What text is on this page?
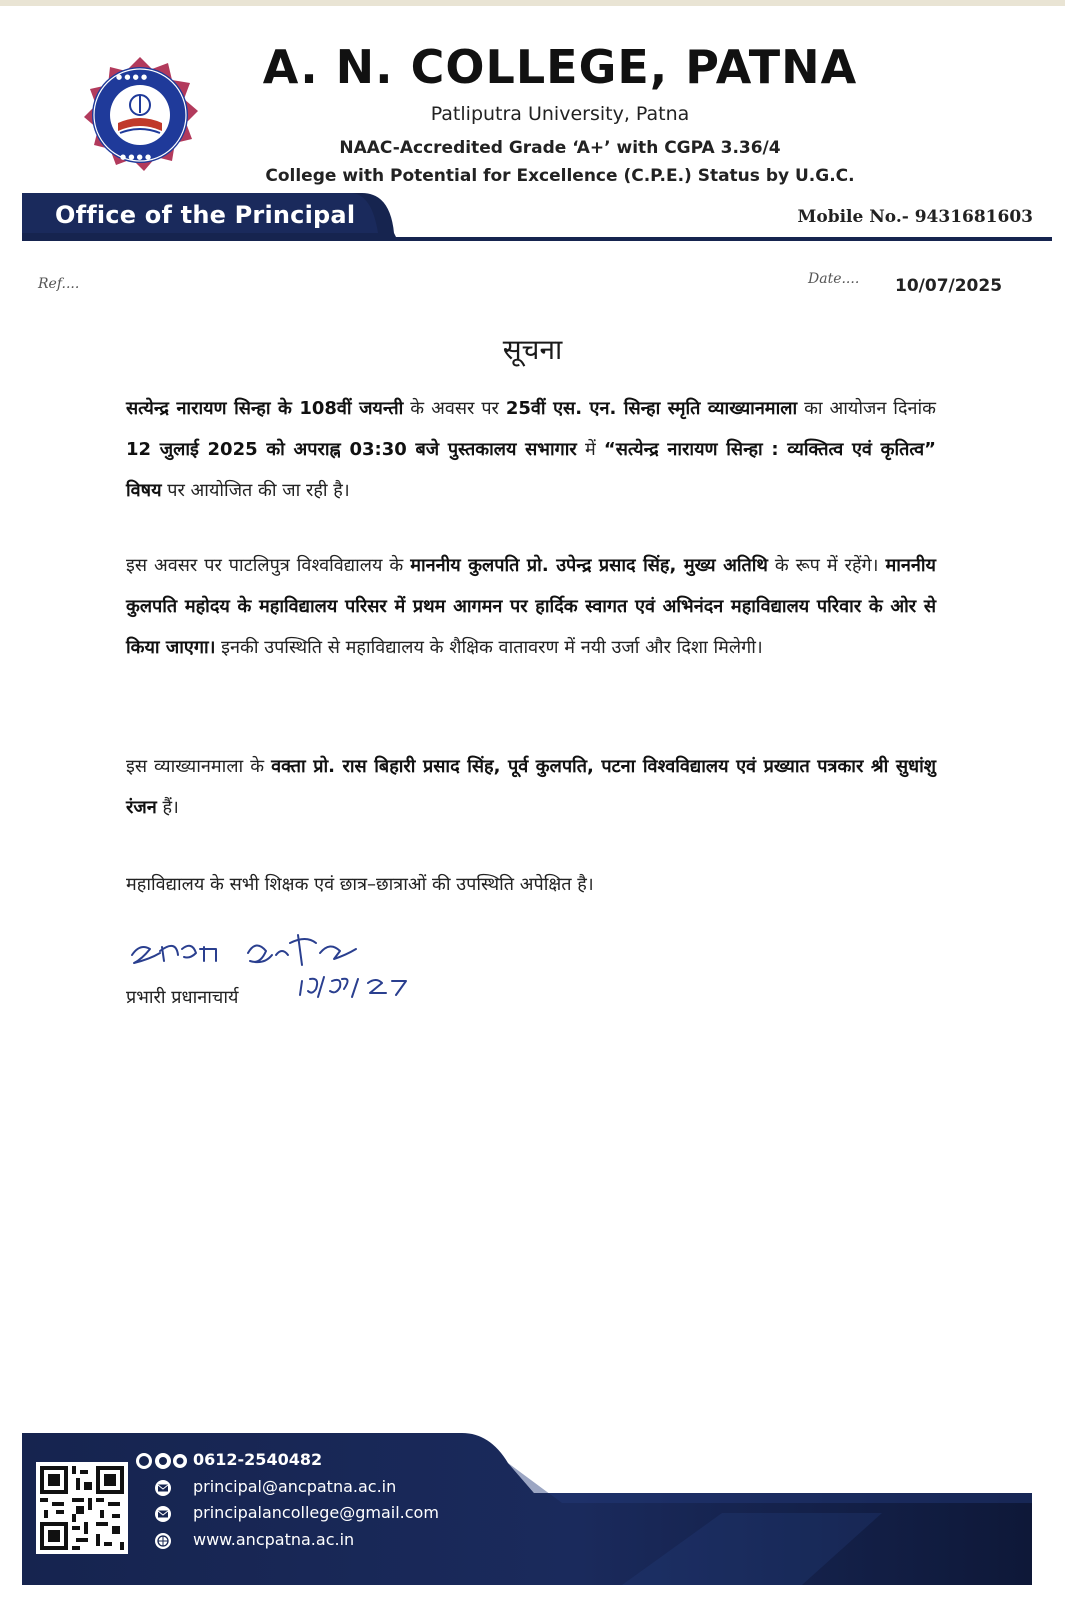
● ● ● ●
● ● ● ●
A. N. COLLEGE, PATNA
Patliputra University, Patna
NAAC-Accredited Grade ‘A+’ with CGPA 3.36/4
College with Potential for Excellence (C.P.E.) Status by U.G.C.
Office of the Principal	Mobile No.- 9431681603
Ref....	Date.... 10/07/2025
सूचना

सत्येन्द्र नारायण सिन्हा के 108वीं जयन्ती के अवसर पर 25वीं एस. एन. सिन्हा स्मृति व्याख्यानमाला का आयोजन दिनांक 12 जुलाई 2025 को अपराह्न 03:30 बजे पुस्तकालय सभागार में “सत्येन्द्र नारायण सिन्हा : व्यक्तित्व एवं कृतित्व” विषय पर आयोजित की जा रही है।

इस अवसर पर पाटलिपुत्र विश्वविद्यालय के माननीय कुलपति प्रो. उपेन्द्र प्रसाद सिंह, मुख्य अतिथि के रूप में रहेंगे। माननीय कुलपति महोदय के महाविद्यालय परिसर में प्रथम आगमन पर हार्दिक स्वागत एवं अभिनंदन महाविद्यालय परिवार के ओर से किया जाएगा। इनकी उपस्थिति से महाविद्यालय के शैक्षिक वातावरण में नयी उर्जा और दिशा मिलेगी।

इस व्याख्यानमाला के वक्ता प्रो. रास बिहारी प्रसाद सिंह, पूर्व कुलपति, पटना विश्वविद्यालय एवं प्रख्यात पत्रकार श्री सुधांशु रंजन हैं।

महाविद्यालय के सभी शिक्षक एवं छात्र–छात्राओं की उपस्थिति अपेक्षित है।

प्रभारी प्रधानाचार्य
0612-2540482
principal@ancpatna.ac.in
principalancollege@gmail.com
www.ancpatna.ac.in
